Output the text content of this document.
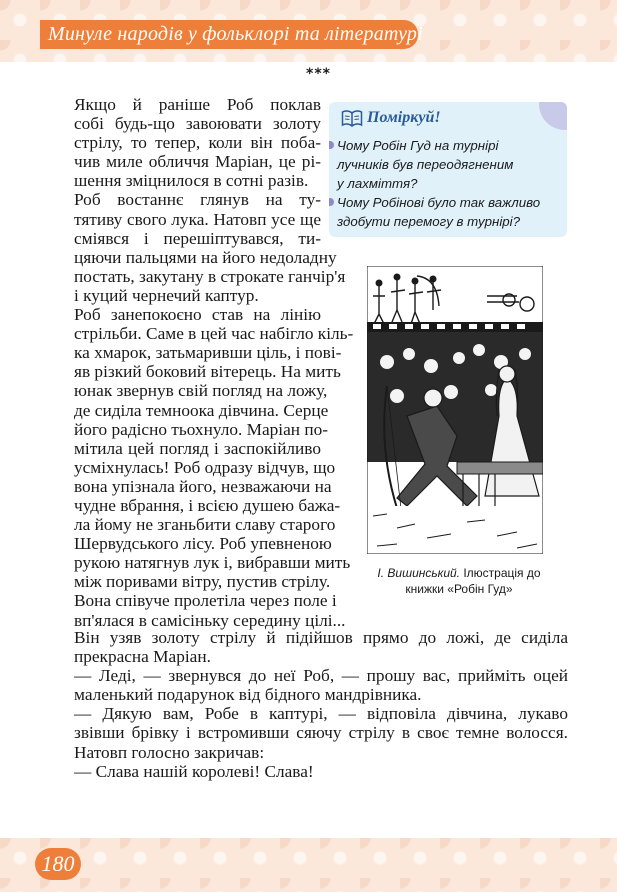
Минуле народів у фольклорі та літературі
***
Якщо й раніше Роб поклав
собі будь-що завоювати золоту
стрілу, то тепер, коли він поба-
чив миле обличчя Маріан, це рі-
шення зміцнилося в сотні разів.
Роб востаннє глянув на ту-
тятиву свого лука. Натовп усе ще
сміявся і перешіптувався, ти-
цяючи пальцями на його недоладну
постать, закутану в строкате ганчір'я
і куций чернечий каптур.
Роб занепокоєно став на лінію
стрільби. Саме в цей час набігло кіль-
ка хмарок, затьмаривши ціль, і пові-
яв різкий боковий вітерець. На мить
юнак звернув свій погляд на ложу,
де сиділа темноока дівчина. Серце
його радісно тьохнуло. Маріан по-
мітила цей погляд і заспокійливо
усміхнулась! Роб одразу відчув, що
вона упізнала його, незважаючи на
чудне вбрання, і всією душею бажа-
ла йому не зганьбити славу старого
Шервудського лісу. Роб упевненою
рукою натягнув лук і, вибравши мить
між поривами вітру, пустив стрілу.
Вона співуче пролетіла через поле і
вп'ялася в самісіньку середину цілі...
Він узяв золоту стрілу й підійшов прямо до ложі, де сиділа
прекрасна Маріан.
— Леді, — звернувся до неї Роб, — прошу вас, прийміть оцей
маленький подарунок від бідного мандрівника.
— Дякую вам, Робе в каптурі, — відповіла дівчина, лукаво
звівши брівку і встромивши сяючу стрілу в своє темне волосся.
Натовп голосно закричав:
— Слава нашій королеві! Слава!
Поміркуй!
Чому Робін Гуд на турнірі
лучників був переодягненим
у лахміття?
Чому Робінові було так важливо
здобути перемогу в турнірі?
І. Вишинський. Ілюстрація до
книжки «Робін Гуд»
180
